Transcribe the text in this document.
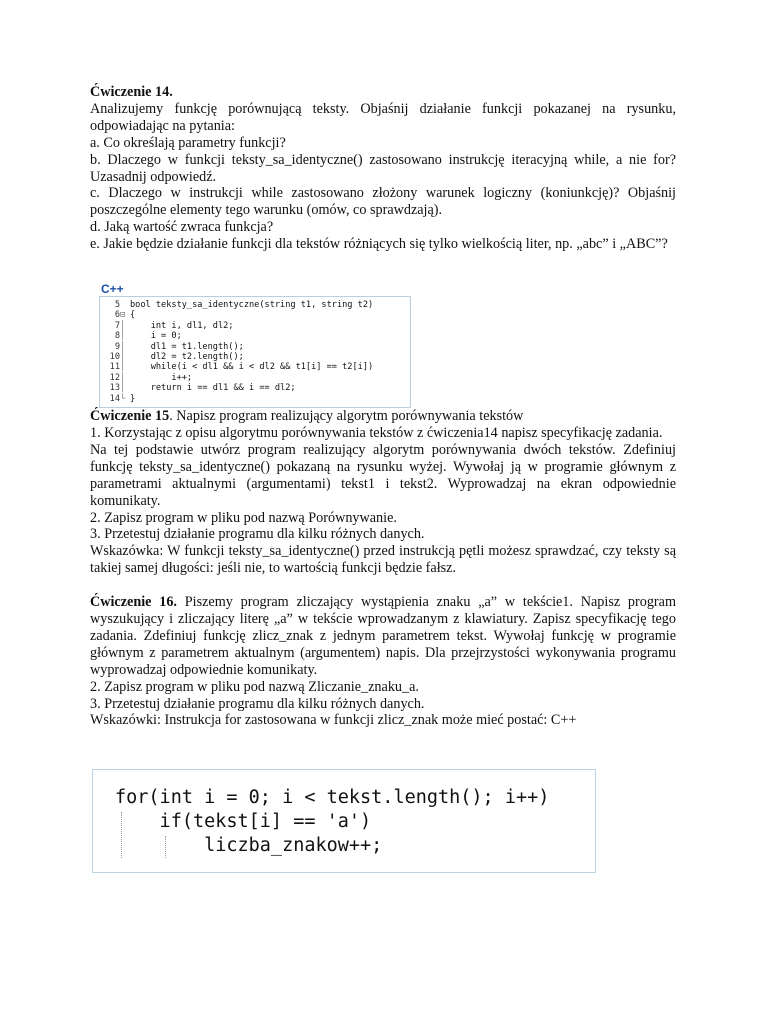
Ćwiczenie 14.

Analizujemy funkcję porównującą teksty. Objaśnij działanie funkcji pokazanej na rysunku, odpowiadając na pytania:

a. Co określają parametry funkcji?

b. Dlaczego w funkcji teksty_sa_identyczne() zastosowano instrukcję iteracyjną while, a nie for? Uzasadnij odpowiedź.

c. Dlaczego w instrukcji while zastosowano złożony warunek logiczny (koniunkcję)? Objaśnij poszczególne elementy tego warunku (omów, co sprawdzają).

d. Jaką wartość zwraca funkcja?

e. Jakie będzie działanie funkcji dla tekstów różniących się tylko wielkością liter, np. „abc” i „ABC”?

Ćwiczenie 15. Napisz program realizujący algorytm porównywania tekstów

1. Korzystając z opisu algorytmu porównywania tekstów z ćwiczenia14 napisz specyfikację zadania.

Na tej podstawie utwórz program realizujący algorytm porównywania dwóch tekstów. Zdefiniuj funkcję teksty_sa_identyczne() pokazaną na rysunku wyżej. Wywołaj ją w programie głównym z parametrami aktualnymi (argumentami) tekst1 i tekst2. Wyprowadzaj na ekran odpowiednie komunikaty.

2. Zapisz program w pliku pod nazwą Porównywanie.

3. Przetestuj działanie programu dla kilku różnych danych.

Wskazówka: W funkcji teksty_sa_identyczne() przed instrukcją pętli możesz sprawdzać, czy teksty są takiej samej długości: jeśli nie, to wartością funkcji będzie fałsz.

Ćwiczenie 16. Piszemy program zliczający wystąpienia znaku „a” w tekście1. Napisz program wyszukujący i zliczający literę „a” w tekście wprowadzanym z klawiatury. Zapisz specyfikację tego zadania. Zdefiniuj funkcję zlicz_znak z jednym parametrem tekst. Wywołaj funkcję w programie głównym z parametrem aktualnym (argumentem) napis. Dla przejrzystości wykonywania programu wyprowadzaj odpowiednie komunikaty.

2. Zapisz program w pliku pod nazwą Zliczanie_znaku_a.

3. Przetestuj działanie programu dla kilku różnych danych.

Wskazówki: Instrukcja for zastosowana w funkcji zlicz_znak może mieć postać: C++

C++
5 bool teksty_sa_identyczne(string t1, string t2)
6⊟ {
7│    int i, dl1, dl2;
8│    i = 0;
9│    dl1 = t1.length();
10│    dl2 = t2.length();
11│    while(i < dl1 && i < dl2 && t1[i] == t2[i])
12│        i++;
13│    return i == dl1 && i == dl2;
14└ }
for(int i = 0; i < tekst.length(); i++)
if(tekst[i] == 'a')
liczba_znakow++;
